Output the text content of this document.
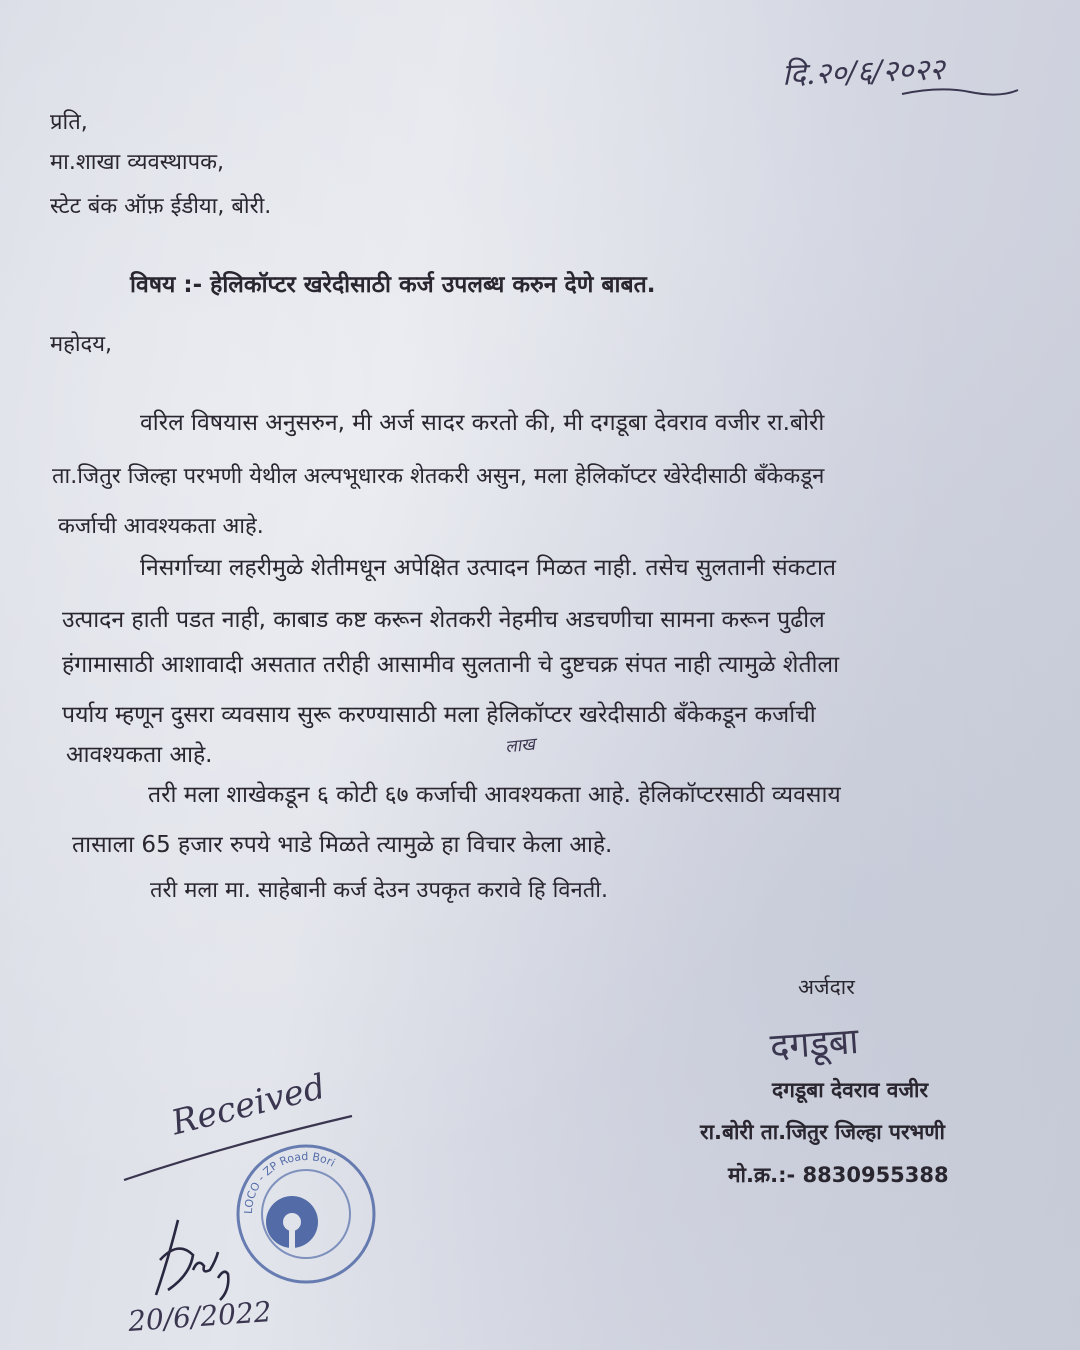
दि.२०/६/२०२२
प्रति,
मा.शाखा व्यवस्थापक,
स्टेट बंक ऑफ़ ईडीया, बोरी.
विषय :- हेलिकॉप्टर खरेदीसाठी कर्ज उपलब्ध करुन देणे बाबत.
महोदय,
वरिल विषयास अनुसरुन, मी अर्ज सादर करतो की, मी दगडूबा देवराव वजीर रा.बोरी
ता.जितुर जिल्हा परभणी येथील अल्पभूधारक शेतकरी असुन, मला हेलिकॉप्टर खेरेदीसाठी बँकेकडून
कर्जाची आवश्यकता आहे.
निसर्गाच्या लहरीमुळे शेतीमधून अपेक्षित उत्पादन मिळत नाही. तसेच सुलतानी संकटात
उत्पादन हाती पडत नाही, काबाड कष्ट करून शेतकरी नेहमीच अडचणीचा सामना करून पुढील
हंगामासाठी आशावादी असतात तरीही आसामीव सुलतानी चे दुष्टचक्र संपत नाही त्यामुळे शेतीला
पर्याय म्हणून दुसरा व्यवसाय सुरू करण्यासाठी मला हेलिकॉप्टर खरेदीसाठी बँकेकडून कर्जाची
आवश्यकता आहे.	लाख
तरी मला शाखेकडून ६ कोटी ६७ कर्जाची आवश्यकता आहे. हेलिकॉप्टरसाठी व्यवसाय
तासाला 65 हजार रुपये भाडे मिळते त्यामुळे हा विचार केला आहे.
तरी मला मा. साहेबानी कर्ज देउन उपकृत करावे हि विनती.
अर्जदार
दगडूबा
दगडूबा देवराव वजीर
रा.बोरी ता.जितुर जिल्हा परभणी
मो.क्र.:- 8830955388
Received
LOCO - ZP Road Bori
20/6/2022
